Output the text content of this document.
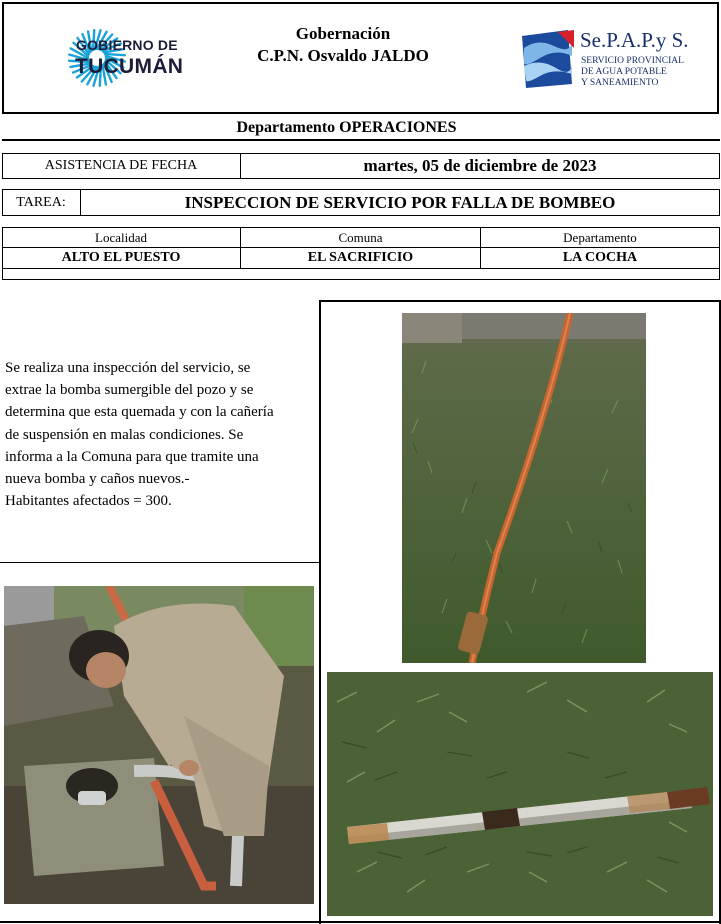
GOBIERNO DE
TUCUMÁN
Gobernación
C.P.N. Osvaldo JALDO
Se.P.A.P.y S.
SERVICIO PROVINCIAL
DE AGUA POTABLE
Y SANEAMIENTO
Departamento OPERACIONES
ASISTENCIA DE FECHA	martes, 05 de diciembre de 2023
TAREA:	INSPECCION DE SERVICIO POR FALLA DE BOMBEO
Localidad	Comuna	Departamento
ALTO EL PUESTO	EL SACRIFICIO	LA COCHA
Se realiza una inspección del servicio, se
extrae la bomba sumergible del pozo y se
determina que esta quemada y con la cañería
de suspensión en malas condiciones. Se
informa a la Comuna para que tramite una
nueva bomba y caños nuevos.-
Habitantes afectados = 300.
